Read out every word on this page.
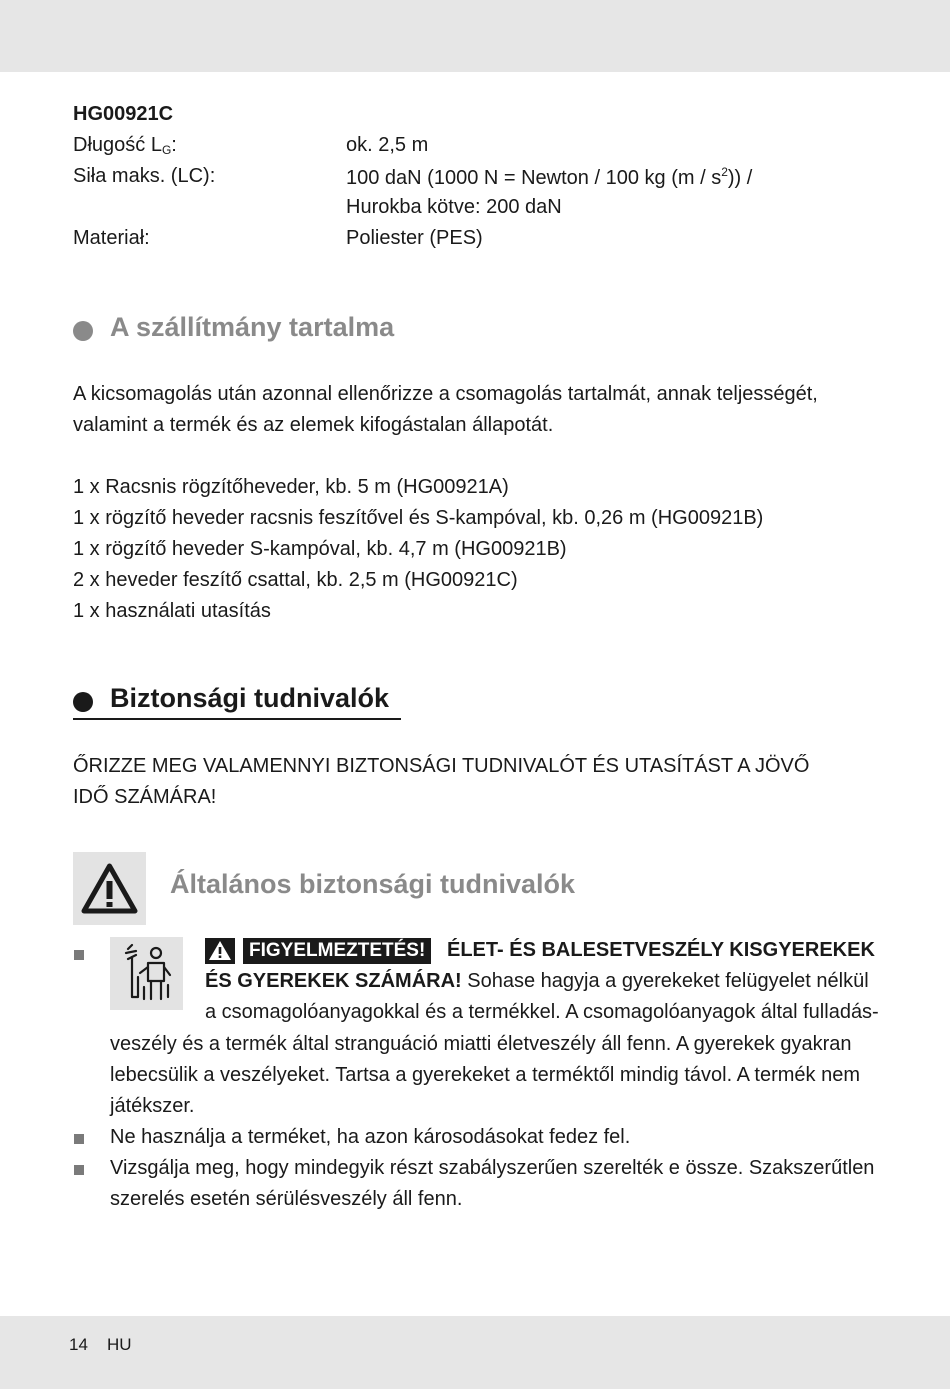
HG00921C
Długość $L_G$:	ok. 2,5 m
Siła maks. (LC):	100 daN (1000 N = Newton / 100 kg $(m / s^2)$) /
Hurokba kötve: 200 daN
Materiał:	Poliester (PES)
A szállítmány tartalma
A kicsomagolás után azonnal ellenőrizze a csomagolás tartalmát, annak teljességét,
valamint a termék és az elemek kifogástalan állapotát.
1 x Racsnis rögzítőheveder, kb. 5 m (HG00921A)
1 x rögzítő heveder racsnis feszítővel és S-kampóval, kb. 0,26 m (HG00921B)
1 x rögzítő heveder S-kampóval, kb. 4,7 m (HG00921B)
2 x heveder feszítő csattal, kb. 2,5 m (HG00921C)
1 x használati utasítás
Biztonsági tudnivalók
ŐRIZZE MEG VALAMENNYI BIZTONSÁGI TUDNIVALÓT ÉS UTASÍTÁST A JÖVŐ
IDŐ SZÁMÁRA!
Általános biztonsági tudnivalók
FIGYELMEZTETÉS!	ÉLET- ÉS BALESETVESZÉLY KISGYEREKEK
ÉS GYEREKEK SZÁMÁRA! Sohase hagyja a gyerekeket felügyelet nélkül
a csomagolóanyagokkal és a termékkel. A csomagolóanyagok által fulladás-
veszély és a termék által stranguáció miatti életveszély áll fenn. A gyerekek gyakran
lebecsülik a veszélyeket. Tartsa a gyerekeket a terméktől mindig távol. A termék nem
játékszer.
Ne használja a terméket, ha azon károsodásokat fedez fel.
Vizsgálja meg, hogy mindegyik részt szabályszerűen szerelték e össze. Szakszerűtlen
szerelés esetén sérülésveszély áll fenn.
14 HU
